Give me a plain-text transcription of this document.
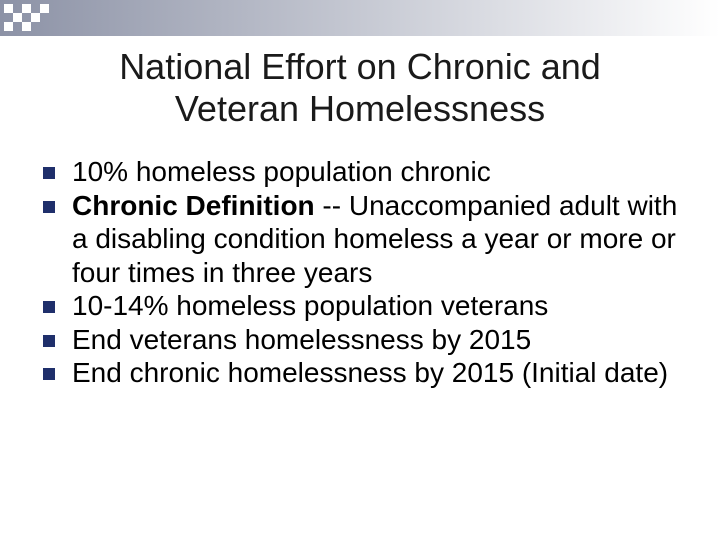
National Effort on Chronic and
Veteran Homelessness
10% homeless population chronic
Chronic Definition -- Unaccompanied adult with a disabling condition homeless a year or more or four times in three years
10-14% homeless population veterans
End veterans homelessness by 2015
End chronic homelessness by 2015 (Initial date)
